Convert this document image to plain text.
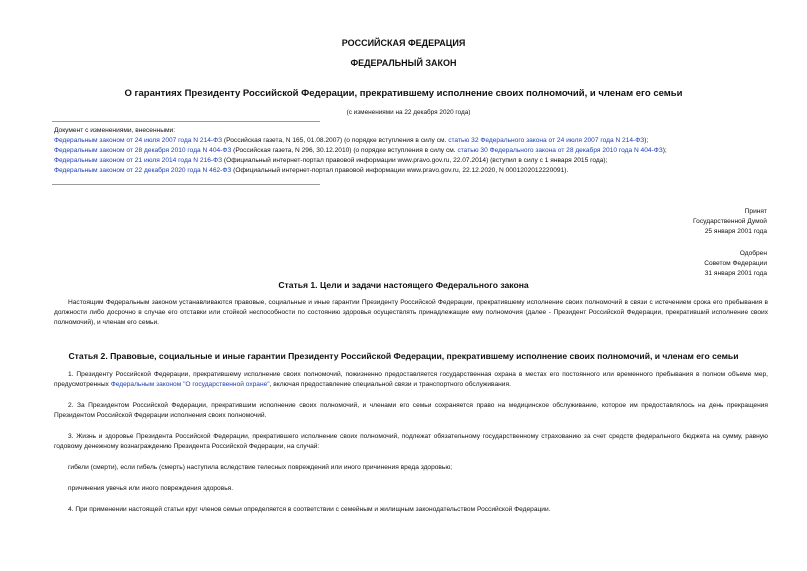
РОССИЙСКАЯ ФЕДЕРАЦИЯ
ФЕДЕРАЛЬНЫЙ ЗАКОН
О гарантиях Президенту Российской Федерации, прекратившему исполнение своих полномочий, и членам его семьи
(с изменениями на 22 декабря 2020 года)
Документ с изменениями, внесенными:
Федеральным законом от 24 июля 2007 года N 214-ФЗ (Российская газета, N 165, 01.08.2007) (о порядке вступления в силу см. статью 32 Федерального закона от 24 июля 2007 года N 214-ФЗ);
Федеральным законом от 28 декабря 2010 года N 404-ФЗ (Российская газета, N 296, 30.12.2010) (о порядке вступления в силу см. статью 30 Федерального закона от 28 декабря 2010 года N 404-ФЗ);
Федеральным законом от 21 июля 2014 года N 216-ФЗ (Официальный интернет-портал правовой информации www.pravo.gov.ru, 22.07.2014) (вступил в силу с 1 января 2015 года);
Федеральным законом от 22 декабря 2020 года N 462-ФЗ (Официальный интернет-портал правовой информации www.pravo.gov.ru, 22.12.2020, N 0001202012220091).
Принят
Государственной Думой
25 января 2001 года
Одобрен
Советом Федерации
31 января 2001 года
Статья 1. Цели и задачи настоящего Федерального закона
Настоящим Федеральным законом устанавливаются правовые, социальные и иные гарантии Президенту Российской Федерации, прекратившему исполнение своих полномочий в связи с истечением срока его пребывания в должности либо досрочно в случае его отставки или стойкой неспособности по состоянию здоровья осуществлять принадлежащие ему полномочия (далее - Президент Российской Федерации, прекративший исполнение своих полномочий), и членам его семьи.
Статья 2. Правовые, социальные и иные гарантии Президенту Российской Федерации, прекратившему исполнение своих полномочий, и членам его семьи
1. Президенту Российской Федерации, прекратившему исполнение своих полномочий, пожизненно предоставляется государственная охрана в местах его постоянного или временного пребывания в полном объеме мер, предусмотренных Федеральным законом "О государственной охране", включая предоставление специальной связи и транспортного обслуживания.
2. За Президентом Российской Федерации, прекратившим исполнение своих полномочий, и членами его семьи сохраняется право на медицинское обслуживание, которое им предоставлялось на день прекращения Президентом Российской Федерации исполнения своих полномочий.
3. Жизнь и здоровье Президента Российской Федерации, прекратившего исполнение своих полномочий, подлежат обязательному государственному страхованию за счет средств федерального бюджета на сумму, равную годовому денежному вознаграждению Президента Российской Федерации, на случай:
гибели (смерти), если гибель (смерть) наступила вследствие телесных повреждений или иного причинения вреда здоровью;
причинения увечья или иного повреждения здоровья.
4. При применении настоящей статьи круг членов семьи определяется в соответствии с семейным и жилищным законодательством Российской Федерации.
